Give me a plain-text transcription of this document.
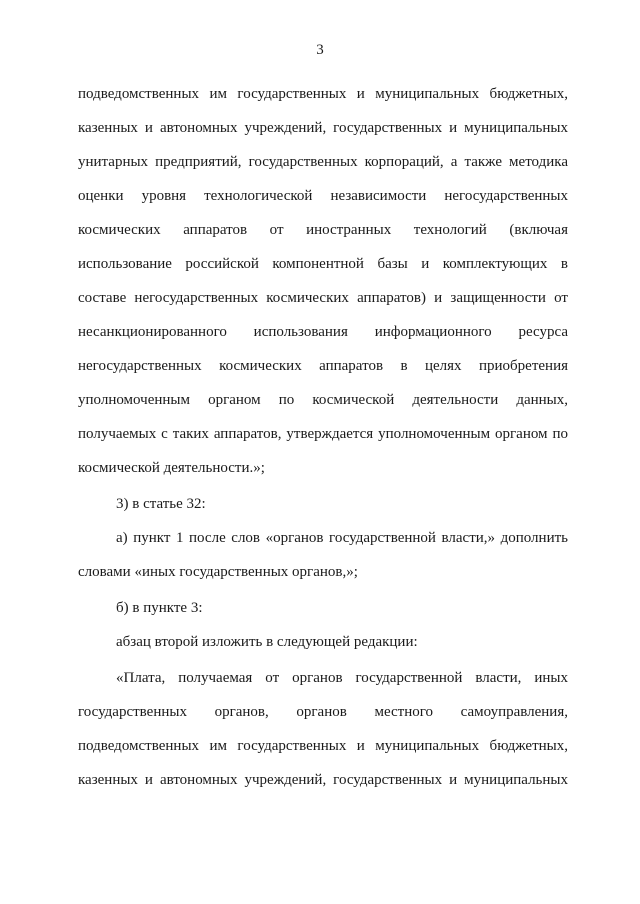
3
подведомственных им государственных и муниципальных бюджетных,
казенных и автономных учреждений, государственных и муниципальных
унитарных предприятий, государственных корпораций, а также методика
оценки уровня технологической независимости негосударственных
космических аппаратов от иностранных технологий (включая
использование российской компонентной базы и комплектующих в
составе негосударственных космических аппаратов) и защищенности от
несанкционированного использования информационного ресурса
негосударственных космических аппаратов в целях приобретения
уполномоченным органом по космической деятельности данных,
получаемых с таких аппаратов, утверждается уполномоченным органом по
космической деятельности.»;
3) в статье 32:
а) пункт 1 после слов «органов государственной власти,» дополнить
словами «иных государственных органов,»;
б) в пункте 3:
абзац второй изложить в следующей редакции:
«Плата, получаемая от органов государственной власти, иных
государственных органов, органов местного самоуправления,
подведомственных им государственных и муниципальных бюджетных,
казенных и автономных учреждений, государственных и муниципальных
